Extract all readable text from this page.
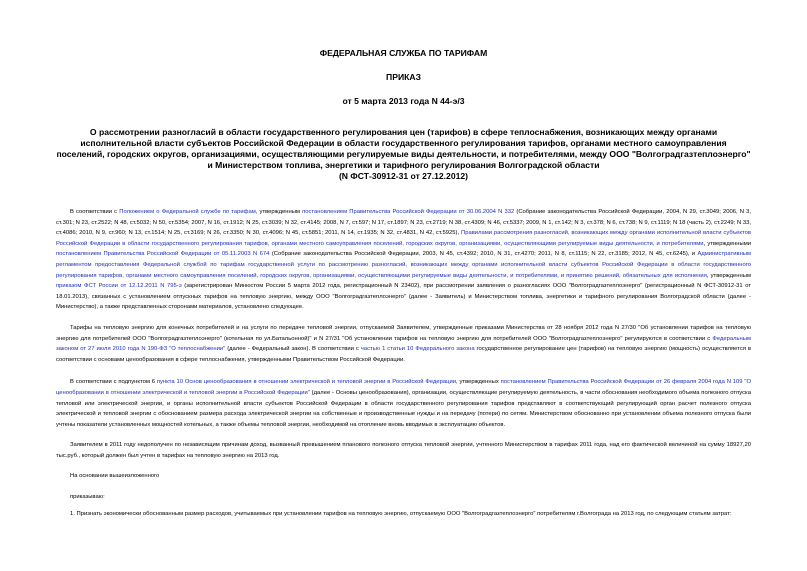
ФЕДЕРАЛЬНАЯ СЛУЖБА ПО ТАРИФАМ
ПРИКАЗ
от 5 марта 2013 года N 44-э/3
О рассмотрении разногласий в области государственного регулирования цен (тарифов) в сфере теплоснабжения, возникающих между органами исполнительной власти субъектов Российской Федерации в области государственного регулирования тарифов, органами местного самоуправления поселений, городских округов, организациями, осуществляющими регулируемые виды деятельности, и потребителями, между ООО "Волгоградгазтеплоэнерго" и Министерством топлива, энергетики и тарифного регулирования Волгоградской области
(N ФСТ-30912-31 от 27.12.2012)

В соответствии с Положением о Федеральной службе по тарифам, утвержденным постановлением Правительства Российской Федерации от 30.06.2004 N 332 (Собрание законодательства Российской Федерации, 2004, N 29, ст.3049; 2006, N 3, ст.301; N 23, ст.2522; N 48, ст.5032; N 50, ст.5354; 2007, N 16, ст.1912; N 25, ст.3039; N 32, ст.4145; 2008, N 7, ст.597; N 17, ст.1897; N 23, ст.2719; N 38, ст.4309; N 46, ст.5337; 2009, N 1, ст.142; N 3, ст.378; N 6, ст.738; N 9, ст.1119; N 18 (часть 2), ст.2249; N 33, ст.4086; 2010, N 9, ст.960; N 13, ст.1514; N 25, ст.3169; N 26, ст.3350; N 30, ст.4096; N 45, ст.5851; 2011, N 14, ст.1935; N 32, ст.4831, N 42, ст.5925), Правилами рассмотрения разногласий, возникающих между органами исполнительной власти субъектов Российской Федерации в области государственного регулирования тарифов, органами местного самоуправления поселений, городских округов, организациями, осуществляющими регулируемые виды деятельности, и потребителями, утвержденными постановлением Правительства Российской Федерации от 05.11.2003 N 674 (Собрание законодательства Российской Федерации, 2003, N 45, ст.4392; 2010, N 31, ст.4270; 2011, N 8, ст.1115; N 22, ст.3185; 2012, N 45, ст.6245), и Административным регламентом предоставления Федеральной службой по тарифам государственной услуги по рассмотрению разногласий, возникающих между органами исполнительной власти субъектов Российской Федерации в области государственного регулирования тарифов, органами местного самоуправления поселений, городских округов, организациями, осуществляющими регулируемые виды деятельности, и потребителями, и принятию решений, обязательных для исполнения, утвержденным приказом ФСТ России от 12.12.2011 N 795-э (зарегистрирован Минюстом России 5 марта 2012 года, регистрационный N 23402), при рассмотрении заявления о разногласиях ООО "Волгоградгазтеплоэнерго" (регистрационный N ФСТ-30912-31 от 18.01.2013), связанных с установлением отпускных тарифов на тепловую энергию, между ООО "Волгоградгазтеплоэнерго" (далее - Заявитель) и Министерством топлива, энергетики и тарифного регулирования Волгоградской области (далее - Министерство), а также представленных сторонами материалов, установлено следующее.

Тарифы на тепловую энергию для конечных потребителей и на услуги по передаче тепловой энергии, отпускаемой Заявителем, утвержденные приказами Министерства от 28 ноября 2012 года N 27/30 "Об установлении тарифов на тепловую энергию для потребителей ООО "Волгоградгазтеплоэнерго" (котельная по ул.Батальонной)" и N 27/31 "Об установлении тарифов на тепловую энергию для потребителей ООО "Волгоградгазтеплоэнерго" регулируются в соответствии с Федеральным законом от 27 июля 2010 года N 190-ФЗ "О теплоснабжении" (далее - Федеральный закон). В соответствии с частью 1 статьи 10 Федерального закона государственное регулирование цен (тарифов) на тепловую энергию (мощность) осуществляется в соответствии с основами ценообразования в сфере теплоснабжения, утвержденными Правительством Российской Федерации.

В соответствии с подпунктом 6 пункта 10 Основ ценообразования в отношении электрической и тепловой энергии в Российской Федерации, утвержденных постановлением Правительства Российской Федерации от 26 февраля 2004 года N 109 "О ценообразовании в отношении электрической и тепловой энергии в Российской Федерации" (далее - Основы ценообразования), организации, осуществляющие регулируемую деятельность, в части обоснования необходимого объема полезного отпуска тепловой или электрической энергии, и органы исполнительной власти субъектов Российской Федерации в области государственного регулирования тарифов представляют в соответствующий регулирующий орган расчет полезного отпуска электрической и тепловой энергии с обоснованием размера расхода электрической энергии на собственные и производственные нужды и на передачу (потери) по сетям. Министерством обоснованно при установлении объема полезного отпуска были учтены показатели установленных мощностей котельных, а также объемы тепловой энергии, необходимой на отопление вновь вводимых в эксплуатацию объектов.

Заявителем в 2011 году недополучен по независящим причинам доход, вызванный превышением планового полезного отпуска тепловой энергии, учтенного Министерством в тарифах 2011 года, над его фактической величиной на сумму 18927,20 тыс.руб., который должен был учтен в тарифах на тепловую энергию на 2013 год.

На основании вышеизложенного

приказываю:

1. Признать экономически обоснованным размер расходов, учитываемых при установлении тарифов на тепловую энергию, отпускаемую ООО "Волгоградгазтеплоэнерго" потребителям г.Волгограда на 2013 год, по следующим статьям затрат:
